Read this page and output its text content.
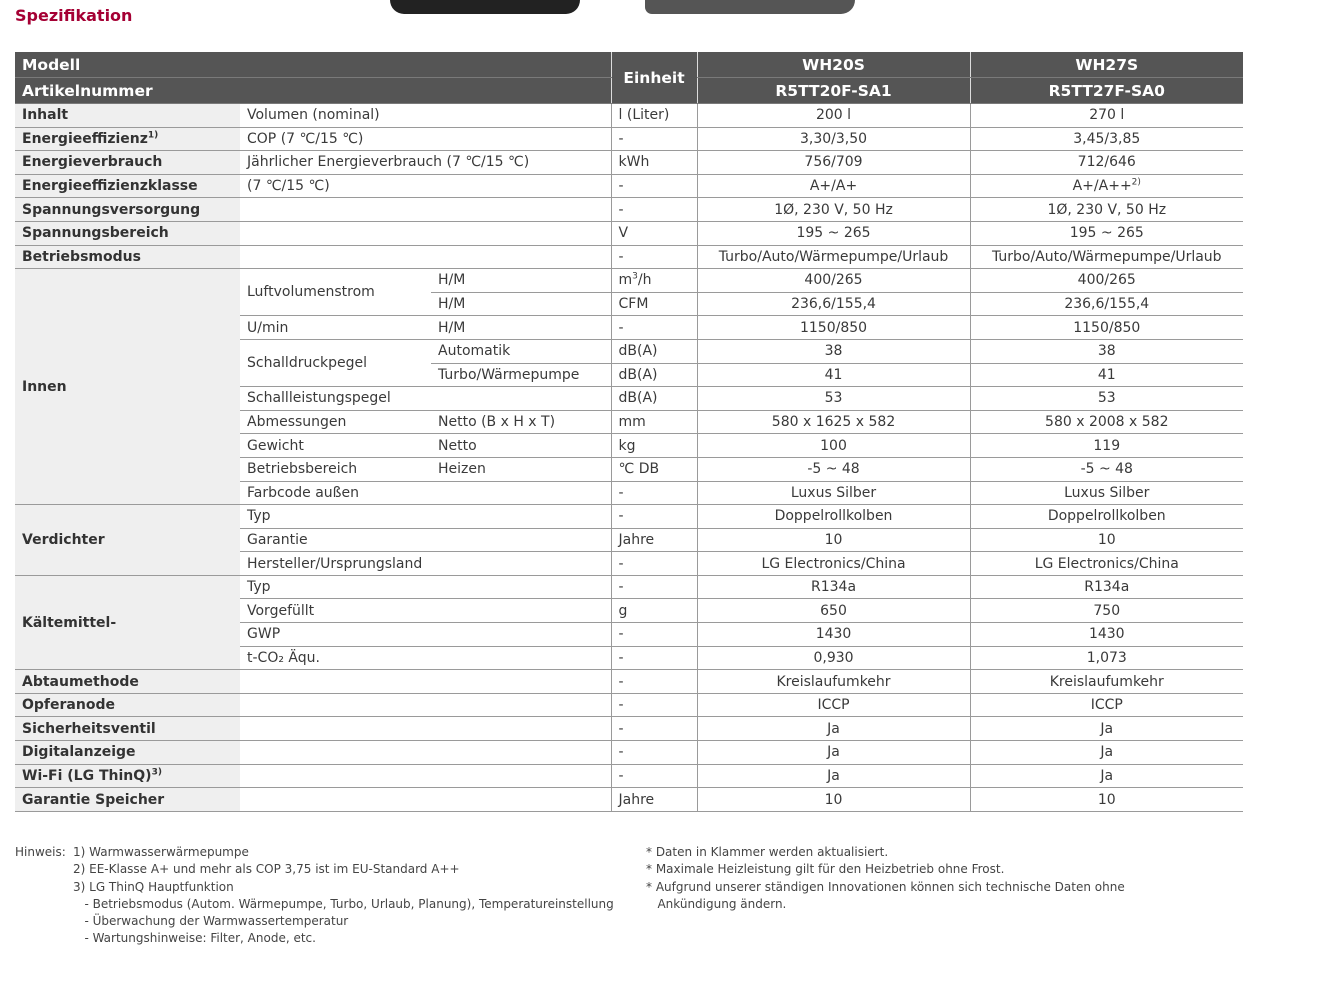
Spezifikation
Modell			Einheit	WH20S	WH27S
Artikelnummer				R5TT20F-SA1	R5TT27F-SA0
Inhalt	Volumen (nominal)		l (Liter)	200 l	270 l
Energieeffizienz$^{1)}$	COP (7 ℃/15 ℃)		-	3,30/3,50	3,45/3,85
Energieverbrauch	Jährlicher Energieverbrauch (7 ℃/15 ℃)		kWh	756/709	712/646
Energieeffizienzklasse	(7 ℃/15 ℃)		-	A+/A+	A+/A++$^{2)}$
Spannungsversorgung			-	1Ø, 230 V, 50 Hz	1Ø, 230 V, 50 Hz
Spannungsbereich			V	195 ~ 265	195 ~ 265
Betriebsmodus			-	Turbo/Auto/Wärmepumpe/Urlaub	Turbo/Auto/Wärmepumpe/Urlaub
Innen	Luftvolumenstrom	H/M	$m^3/h$	400/265	400/265
		H/M	CFM	236,6/155,4	236,6/155,4
	U/min	H/M	-	1150/850	1150/850
	Schalldruckpegel	Automatik	dB(A)	38	38
		Turbo/Wärmepumpe	dB(A)	41	41
	Schallleistungspegel		dB(A)	53	53
	Abmessungen	Netto (B x H x T)	mm	580 x 1625 x 582	580 x 2008 x 582
	Gewicht	Netto	kg	100	119
	Betriebsbereich	Heizen	℃ DB	-5 ~ 48	-5 ~ 48
	Farbcode außen		-	Luxus Silber	Luxus Silber
Verdichter	Typ		-	Doppelrollkolben	Doppelrollkolben
	Garantie		Jahre	10	10
	Hersteller/Ursprungsland		-	LG Electronics/China	LG Electronics/China
Kältemittel-	Typ		-	R134a	R134a
	Vorgefüllt		g	650	750
	GWP		-	1430	1430
	t-CO₂ Äqu.		-	0,930	1,073
Abtaumethode			-	Kreislaufumkehr	Kreislaufumkehr
Opferanode			-	ICCP	ICCP
Sicherheitsventil			-	Ja	Ja
Digitalanzeige			-	Ja	Ja
Wi-Fi (LG ThinQ)$^{3)}$			-	Ja	Ja
Garantie Speicher			Jahre	10	10
Hinweis: 1) Warmwasserwärmepumpe
2) EE-Klasse A+ und mehr als COP 3,75 ist im EU-Standard A++
3) LG ThinQ Hauptfunktion
- Betriebsmodus (Autom. Wärmepumpe, Turbo, Urlaub, Planung), Temperatureinstellung
- Überwachung der Warmwassertemperatur
- Wartungshinweise: Filter, Anode, etc.
* Daten in Klammer werden aktualisiert.
* Maximale Heizleistung gilt für den Heizbetrieb ohne Frost.
* Aufgrund unserer ständigen Innovationen können sich technische Daten ohne
Ankündigung ändern.
